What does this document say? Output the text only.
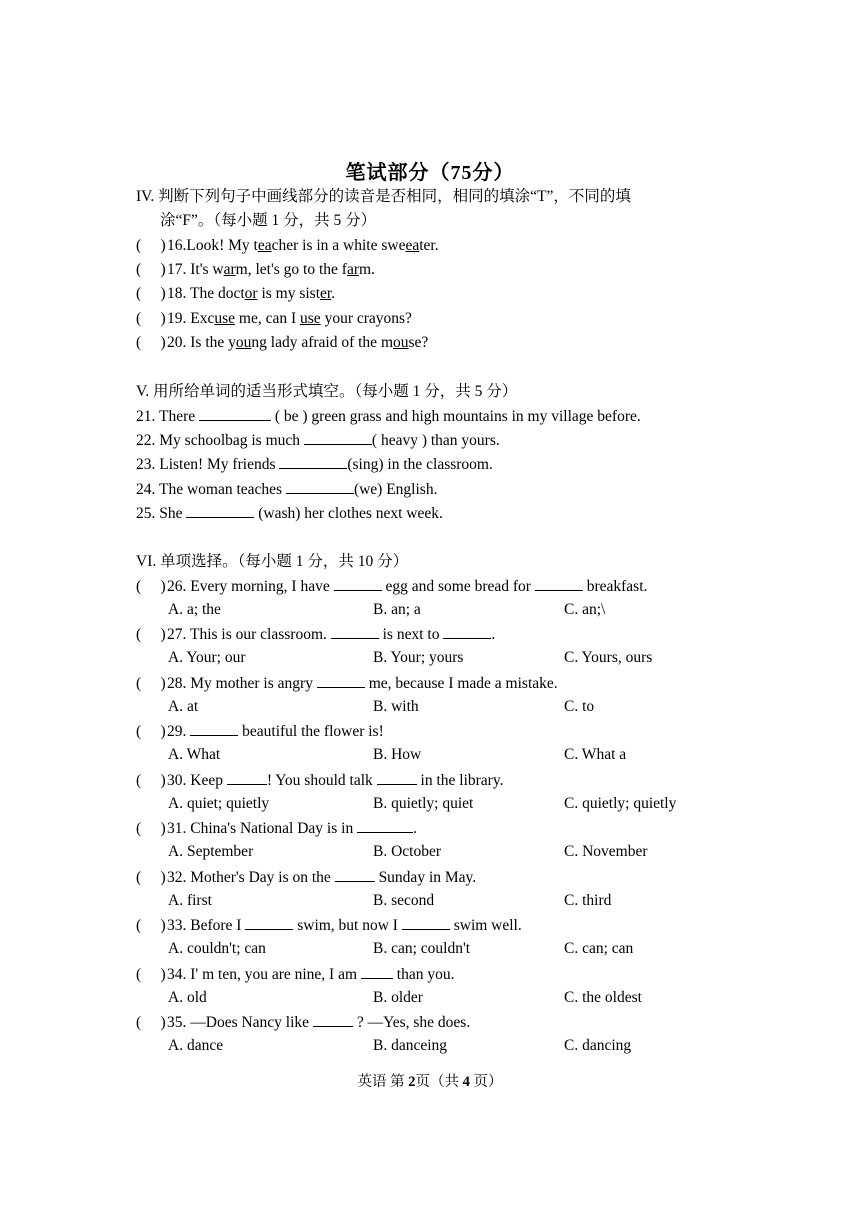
笔试部分（75分）
IV. 判断下列句子中画线部分的读音是否相同，相同的填涂“T”，不同的填
涂“F”。（每小题 1 分，共 5 分）
( )16.Look! My teacher is in a white sweeater.
( )17. It's warm, let's go to the farm.
( )18. The doctor is my sister.
( )19. Excuse me, can I use your crayons?
( )20. Is the young lady afraid of the mouse?
V. 用所给单词的适当形式填空。（每小题 1 分，共 5 分）
21. There	( be ) green grass and high mountains in my village before.
22. My schoolbag is much	( heavy ) than yours.
23. Listen! My friends	(sing) in the classroom.
24. The woman teaches	(we) English.
25. She	(wash) her clothes next week.
VI. 单项选择。（每小题 1 分，共 10 分）
( )26. Every morning, I have	egg and some bread for	breakfast.
A. a; the	B. an; a	C. an;\
( )27. This is our classroom.	is next to	.
A. Your; our	B. Your; yours	C. Yours, ours
( )28. My mother is angry	me, because I made a mistake.
A. at	B. with	C. to
( )29.	beautiful the flower is!
A. What	B. How	C. What a
( )30. Keep	! You should talk	in the library.
A. quiet; quietly	B. quietly; quiet	C. quietly; quietly
( )31. China's National Day is in	.
A. September	B. October	C. November
( )32. Mother's Day is on the	Sunday in May.
A. first	B. second	C. third
( )33. Before I	swim, but now I	swim well.
A. couldn't; can	B. can; couldn't	C. can; can
( )34. I' m ten, you are nine, I am  than you.
A. old	B. older	C. the oldest
( )35. —Does Nancy like	? —Yes, she does.
A. dance	B. danceing	C. dancing
英语 第 2页（共 4 页）
